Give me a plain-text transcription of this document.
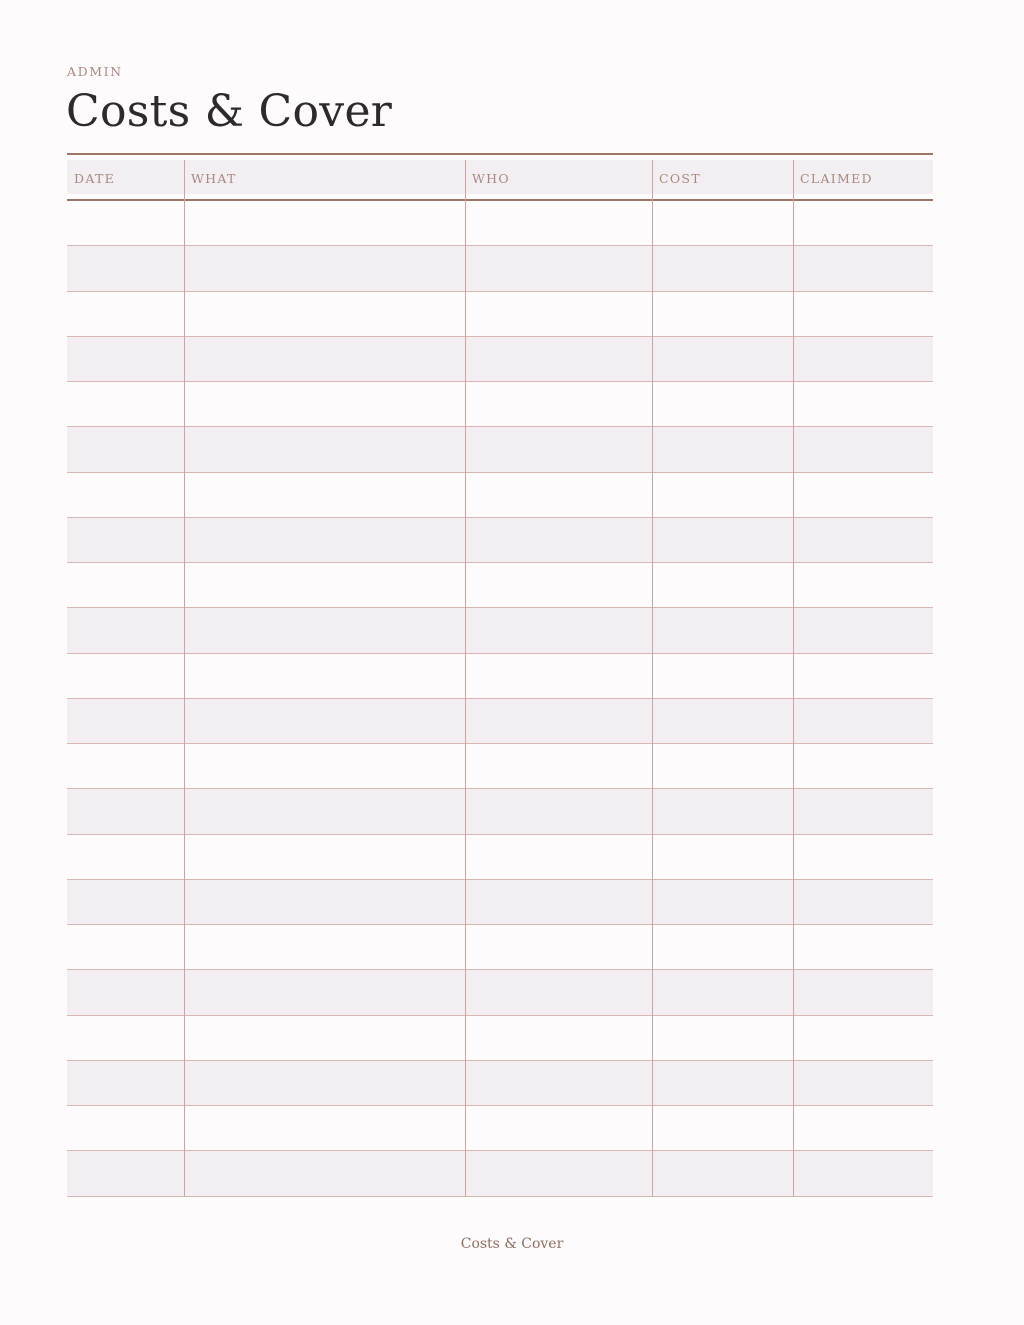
ADMIN
Costs & Cover
DATE	WHAT	WHO	COST	CLAIMED
Costs & Cover
